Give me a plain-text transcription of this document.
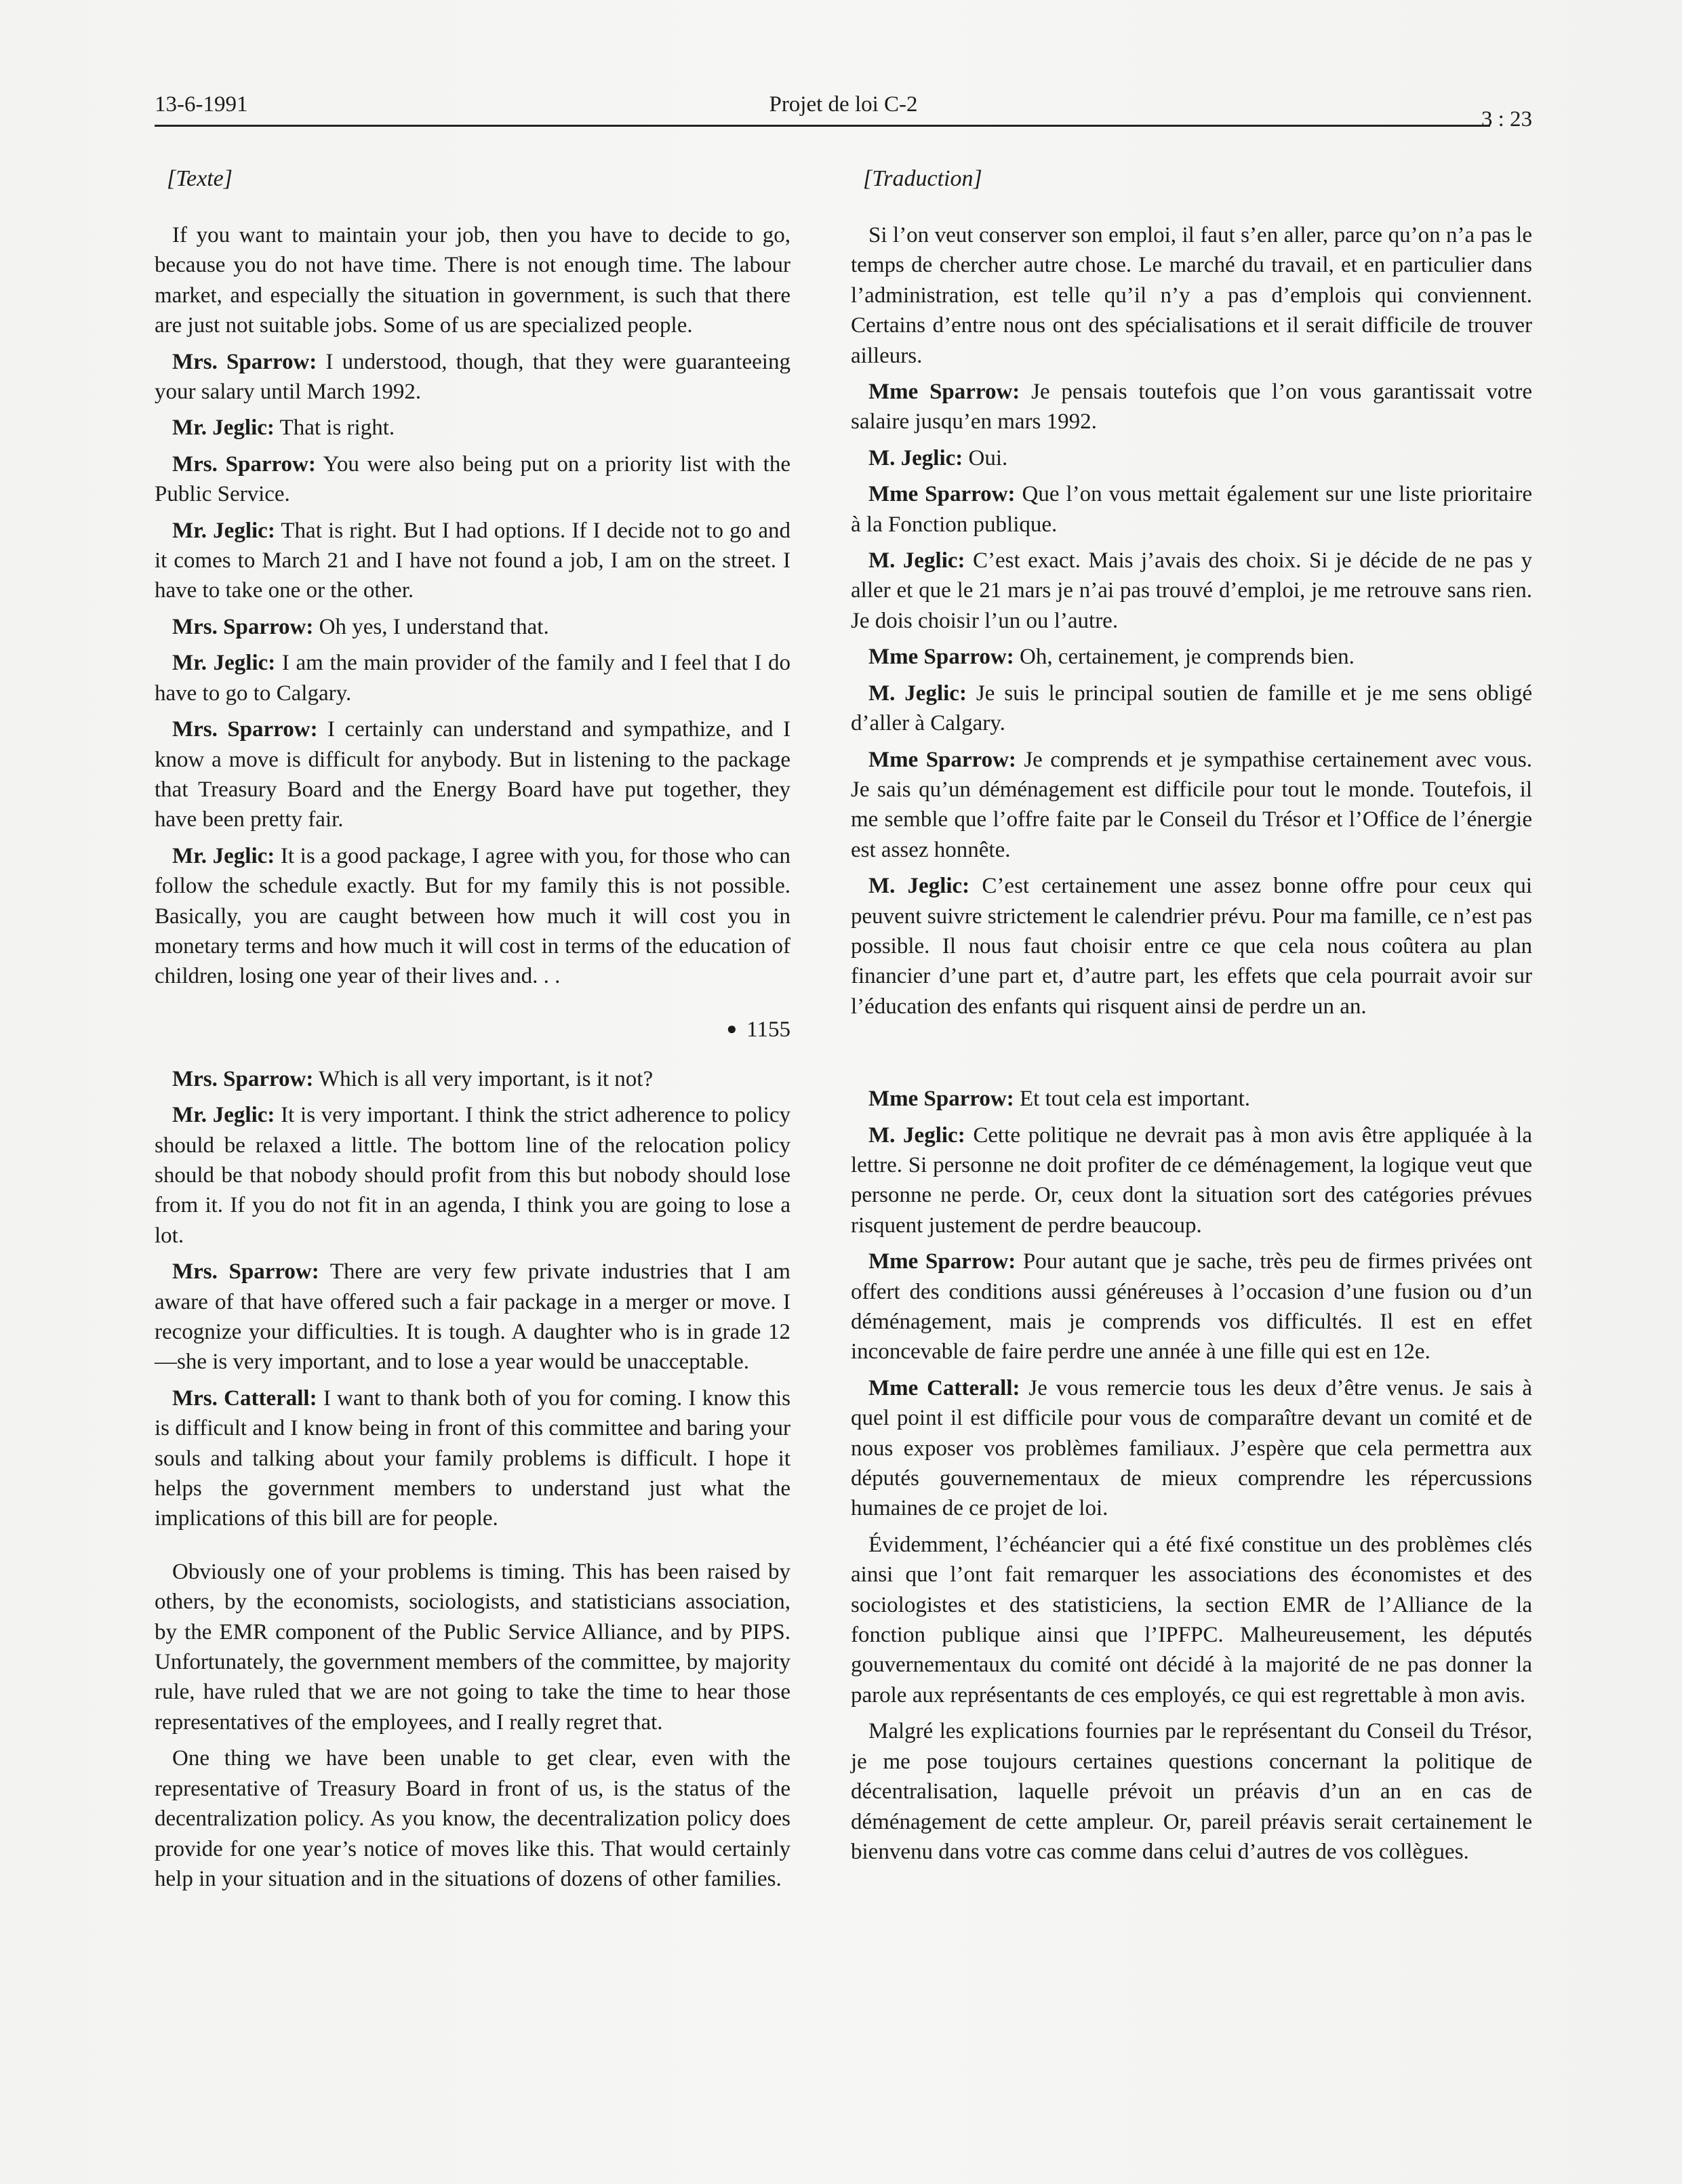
13-6-1991	Projet de loi C-2
3 : 23
[Texte]

If you want to maintain your job, then you have to decide to go, because you do not have time. There is not enough time. The labour market, and especially the situation in government, is such that there are just not suitable jobs. Some of us are specialized people.

Mrs. Sparrow: I understood, though, that they were guaranteeing your salary until March 1992.

Mr. Jeglic: That is right.

Mrs. Sparrow: You were also being put on a priority list with the Public Service.

Mr. Jeglic: That is right. But I had options. If I decide not to go and it comes to March 21 and I have not found a job, I am on the street. I have to take one or the other.

Mrs. Sparrow: Oh yes, I understand that.

Mr. Jeglic: I am the main provider of the family and I feel that I do have to go to Calgary.

Mrs. Sparrow: I certainly can understand and sympathize, and I know a move is difficult for anybody. But in listening to the package that Treasury Board and the Energy Board have put together, they have been pretty fair.

Mr. Jeglic: It is a good package, I agree with you, for those who can follow the schedule exactly. But for my family this is not possible. Basically, you are caught between how much it will cost you in monetary terms and how much it will cost in terms of the education of children, losing one year of their lives and. . .

● 1155

Mrs. Sparrow: Which is all very important, is it not?

Mr. Jeglic: It is very important. I think the strict adherence to policy should be relaxed a little. The bottom line of the relocation policy should be that nobody should profit from this but nobody should lose from it. If you do not fit in an agenda, I think you are going to lose a lot.

Mrs. Sparrow: There are very few private industries that I am aware of that have offered such a fair package in a merger or move. I recognize your difficulties. It is tough. A daughter who is in grade 12—she is very important, and to lose a year would be unacceptable.

Mrs. Catterall: I want to thank both of you for coming. I know this is difficult and I know being in front of this committee and baring your souls and talking about your family problems is difficult. I hope it helps the government members to understand just what the implications of this bill are for people.

Obviously one of your problems is timing. This has been raised by others, by the economists, sociologists, and statisticians association, by the EMR component of the Public Service Alliance, and by PIPS. Unfortunately, the government members of the committee, by majority rule, have ruled that we are not going to take the time to hear those representatives of the employees, and I really regret that.

One thing we have been unable to get clear, even with the representative of Treasury Board in front of us, is the status of the decentralization policy. As you know, the decentralization policy does provide for one year’s notice of moves like this. That would certainly help in your situation and in the situations of dozens of other families.

[Traduction]

Si l’on veut conserver son emploi, il faut s’en aller, parce qu’on n’a pas le temps de chercher autre chose. Le marché du travail, et en particulier dans l’administration, est telle qu’il n’y a pas d’emplois qui conviennent. Certains d’entre nous ont des spécialisations et il serait difficile de trouver ailleurs.

Mme Sparrow: Je pensais toutefois que l’on vous garantissait votre salaire jusqu’en mars 1992.

M. Jeglic: Oui.

Mme Sparrow: Que l’on vous mettait également sur une liste prioritaire à la Fonction publique.

M. Jeglic: C’est exact. Mais j’avais des choix. Si je décide de ne pas y aller et que le 21 mars je n’ai pas trouvé d’emploi, je me retrouve sans rien. Je dois choisir l’un ou l’autre.

Mme Sparrow: Oh, certainement, je comprends bien.

M. Jeglic: Je suis le principal soutien de famille et je me sens obligé d’aller à Calgary.

Mme Sparrow: Je comprends et je sympathise certainement avec vous. Je sais qu’un déménagement est difficile pour tout le monde. Toutefois, il me semble que l’offre faite par le Conseil du Trésor et l’Office de l’énergie est assez honnête.

M. Jeglic: C’est certainement une assez bonne offre pour ceux qui peuvent suivre strictement le calendrier prévu. Pour ma famille, ce n’est pas possible. Il nous faut choisir entre ce que cela nous coûtera au plan financier d’une part et, d’autre part, les effets que cela pourrait avoir sur l’éducation des enfants qui risquent ainsi de perdre un an.

Mme Sparrow: Et tout cela est important.

M. Jeglic: Cette politique ne devrait pas à mon avis être appliquée à la lettre. Si personne ne doit profiter de ce déménagement, la logique veut que personne ne perde. Or, ceux dont la situation sort des catégories prévues risquent justement de perdre beaucoup.

Mme Sparrow: Pour autant que je sache, très peu de firmes privées ont offert des conditions aussi généreuses à l’occasion d’une fusion ou d’un déménagement, mais je comprends vos difficultés. Il est en effet inconcevable de faire perdre une année à une fille qui est en 12e.

Mme Catterall: Je vous remercie tous les deux d’être venus. Je sais à quel point il est difficile pour vous de comparaître devant un comité et de nous exposer vos problèmes familiaux. J’espère que cela permettra aux députés gouvernementaux de mieux comprendre les répercussions humaines de ce projet de loi.

Évidemment, l’échéancier qui a été fixé constitue un des problèmes clés ainsi que l’ont fait remarquer les associations des économistes et des sociologistes et des statisticiens, la section EMR de l’Alliance de la fonction publique ainsi que l’IPFPC. Malheureusement, les députés gouvernementaux du comité ont décidé à la majorité de ne pas donner la parole aux représentants de ces employés, ce qui est regrettable à mon avis.

Malgré les explications fournies par le représentant du Conseil du Trésor, je me pose toujours certaines questions concernant la politique de décentralisation, laquelle prévoit un préavis d’un an en cas de déménagement de cette ampleur. Or, pareil préavis serait certainement le bienvenu dans votre cas comme dans celui d’autres de vos collègues.
